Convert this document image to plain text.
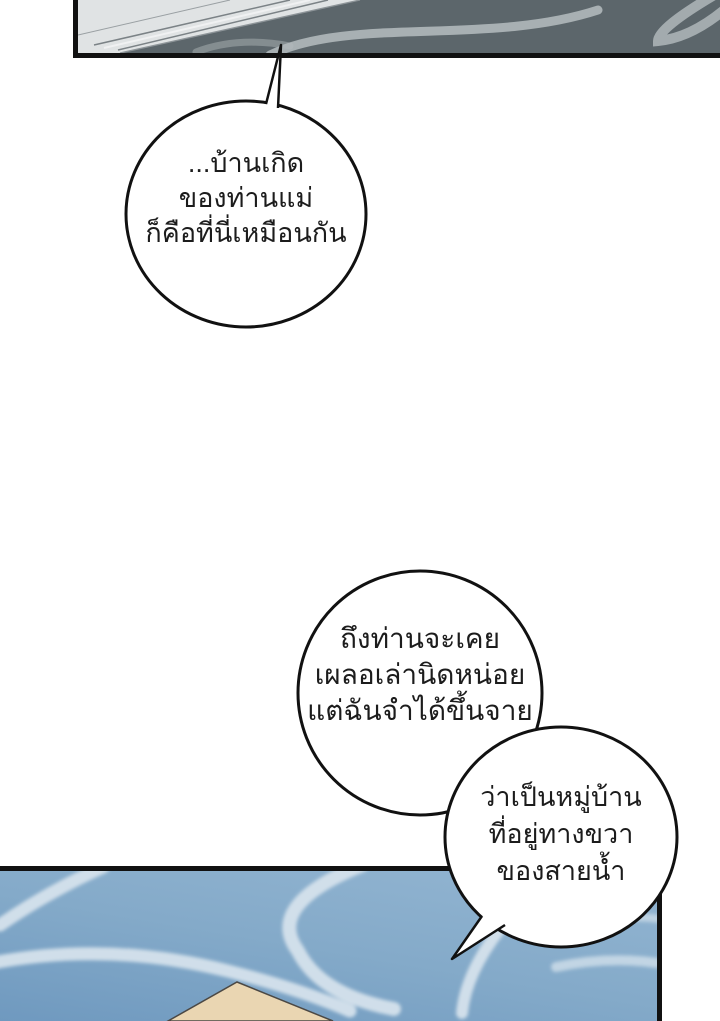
...บ้านเกิด
ของท่านแม่
ก็คือที่นี่เหมือนกัน
ถึงท่านจะเคย
เผลอเล่านิดหน่อย
แต่ฉันจำได้ขึ้นจาย
ว่าเป็นหมู่บ้าน
ที่อยู่ทางขวา
ของสายน้ำ
